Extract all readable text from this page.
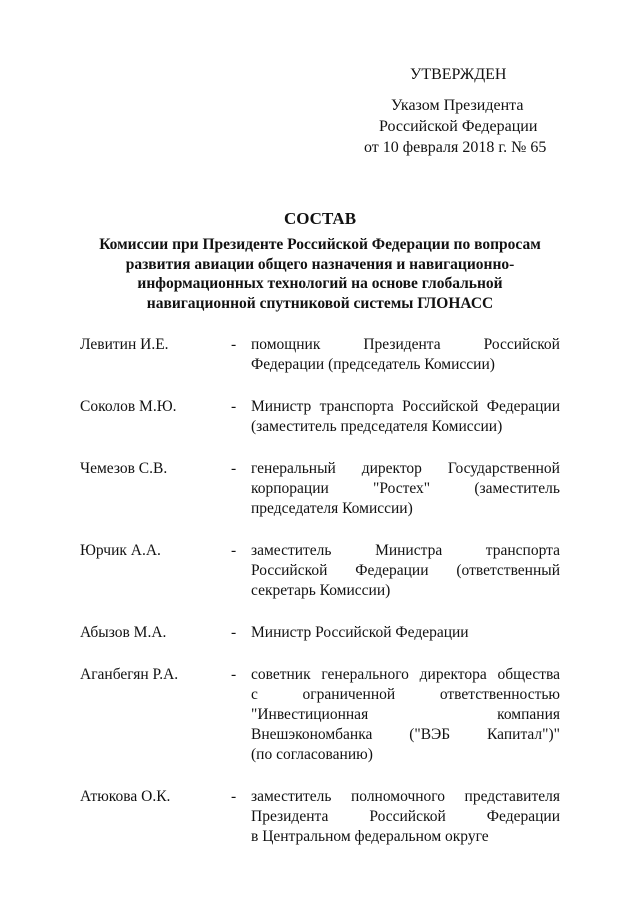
УТВЕРЖДЕН
Указом Президента
Российской Федерации
от 10 февраля 2018 г. № 65
СОСТАВ
Комиссии при Президенте Российской Федерации по вопросам
развития авиации общего назначения и навигационно-
информационных технологий на основе глобальной
навигационной спутниковой системы ГЛОНАСС
Левитин И.Е.	- помощник	Президента	Российской
Федерации (председатель Комиссии)
Соколов М.Ю.	- Министр транспорта Российской Федерации
(заместитель председателя Комиссии)
Чемезов С.В.	- генеральный директор Государственной
корпорации	"Ростех"	(заместитель
председателя Комиссии)
Юрчик А.А.	- заместитель	Министра	транспорта
Российской Федерации (ответственный
секретарь Комиссии)
Абызов М.А.	- Министр Российской Федерации
Аганбегян Р.А.	- советник генерального директора общества
с	ограниченной	ответственностью
"Инвестиционная	компания
Внешэкономбанка ("ВЭБ Капитал")"
(по согласованию)
Атюкова О.К.	- заместитель полномочного представителя
Президента	Российской	Федерации
в Центральном федеральном округе
